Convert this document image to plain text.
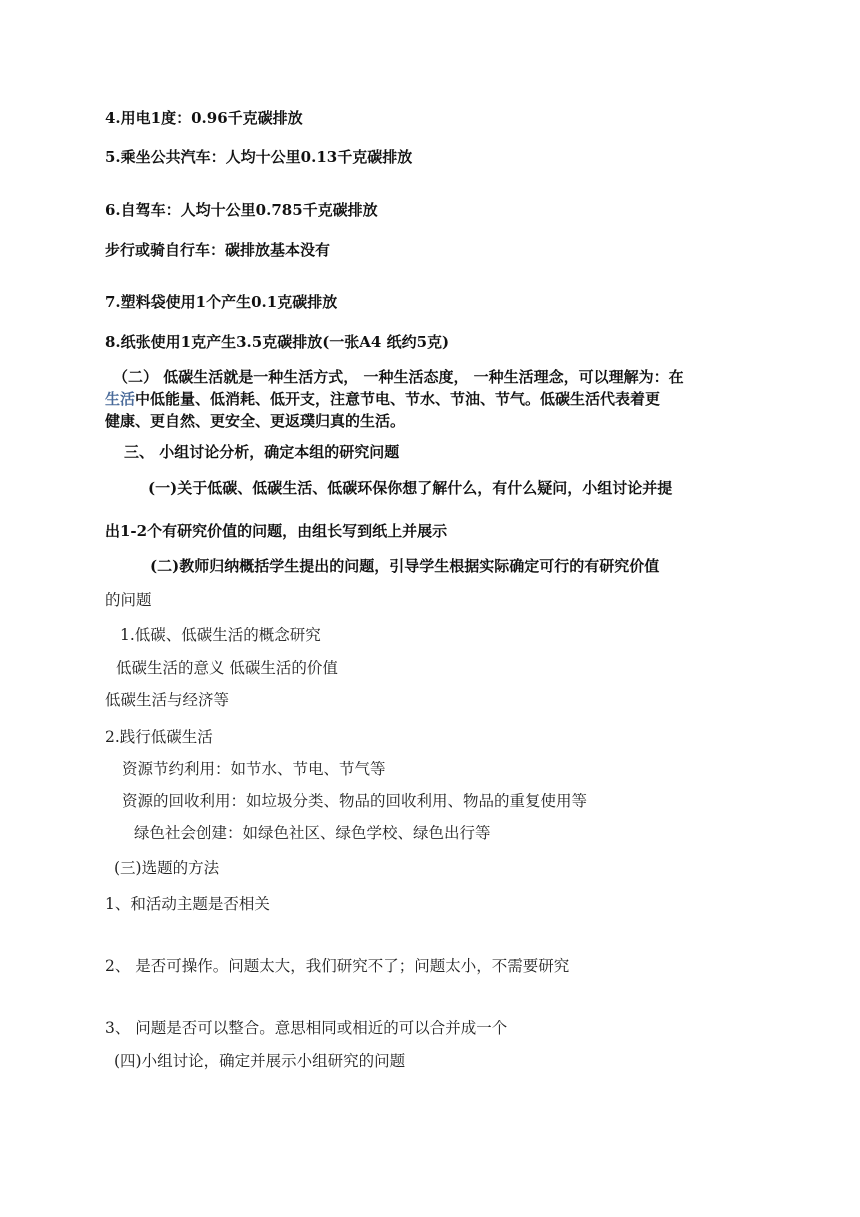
4.用电1度：0.96千克碳排放
5.乘坐公共汽车：人均十公里0.13千克碳排放
6.自驾车：人均十公里0.785千克碳排放
步行或骑自行车：碳排放基本没有
7.塑料袋使用1个产生0.1克碳排放
8.纸张使用1克产生3.5克碳排放(一张A4 纸约5克)
（二） 低碳生活就是一种生活方式， 一种生活态度， 一种生活理念，可以理解为：在
生活中低能量、低消耗、低开支，注意节电、节水、节油、节气。低碳生活代表着更
健康、更自然、更安全、更返璞归真的生活。
三、 小组讨论分析，确定本组的研究问题
(一)关于低碳、低碳生活、低碳环保你想了解什么，有什么疑问，小组讨论并提
出1-2个有研究价值的问题，由组长写到纸上并展示
(二)教师归纳概括学生提出的问题，引导学生根据实际确定可行的有研究价值
的问题
1.低碳、低碳生活的概念研究
低碳生活的意义 低碳生活的价值
低碳生活与经济等
2.践行低碳生活
资源节约利用：如节水、节电、节气等
资源的回收利用：如垃圾分类、物品的回收利用、物品的重复使用等
绿色社会创建：如绿色社区、绿色学校、绿色出行等
(三)选题的方法
1、和活动主题是否相关
2、 是否可操作。问题太大，我们研究不了；问题太小，不需要研究
3、 问题是否可以整合。意思相同或相近的可以合并成一个
(四)小组讨论，确定并展示小组研究的问题
